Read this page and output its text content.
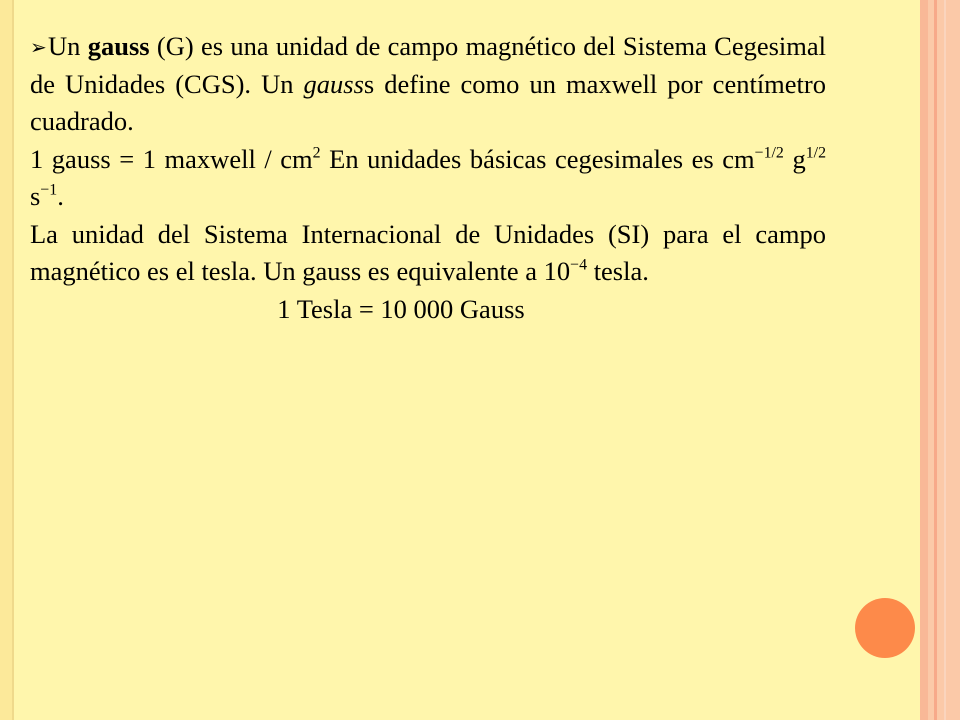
➢Un gauss (G) es una unidad de campo magnético del Sistema Cegesimal de Unidades (CGS). Un gausss define como un maxwell por centímetro cuadrado.

1 gauss = 1 maxwell / $cm^2$ En unidades básicas cegesimales es $cm^{-1/2}$ $g^{1/2}$ $s^{-1}$.

La unidad del Sistema Internacional de Unidades (SI) para el campo magnético es el tesla. Un gauss es equivalente a $10^{-4}$ tesla.

1 Tesla = 10 000 Gauss
